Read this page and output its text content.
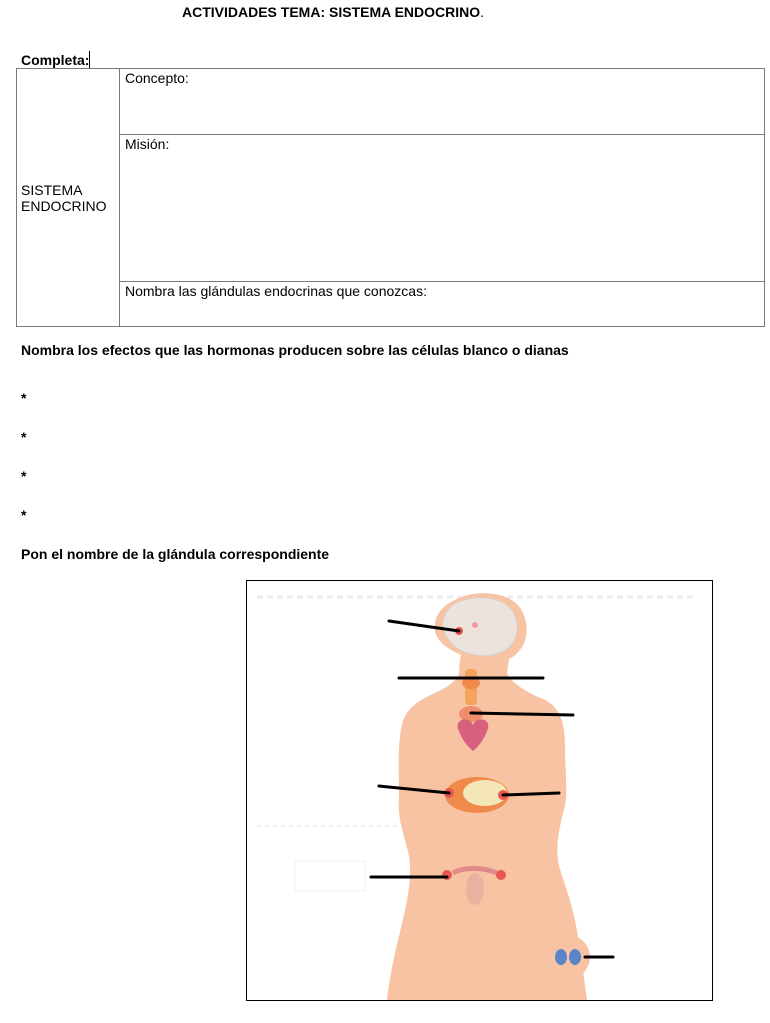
ACTIVIDADES TEMA: SISTEMA ENDOCRINO.
Completa:
SISTEMA ENDOCRINO	Concepto:
Misión:
Nombra las glándulas endocrinas que conozcas:
Nombra los efectos que las hormonas producen sobre las células blanco o dianas
*
*
*
*
Pon el nombre de la glándula correspondiente
